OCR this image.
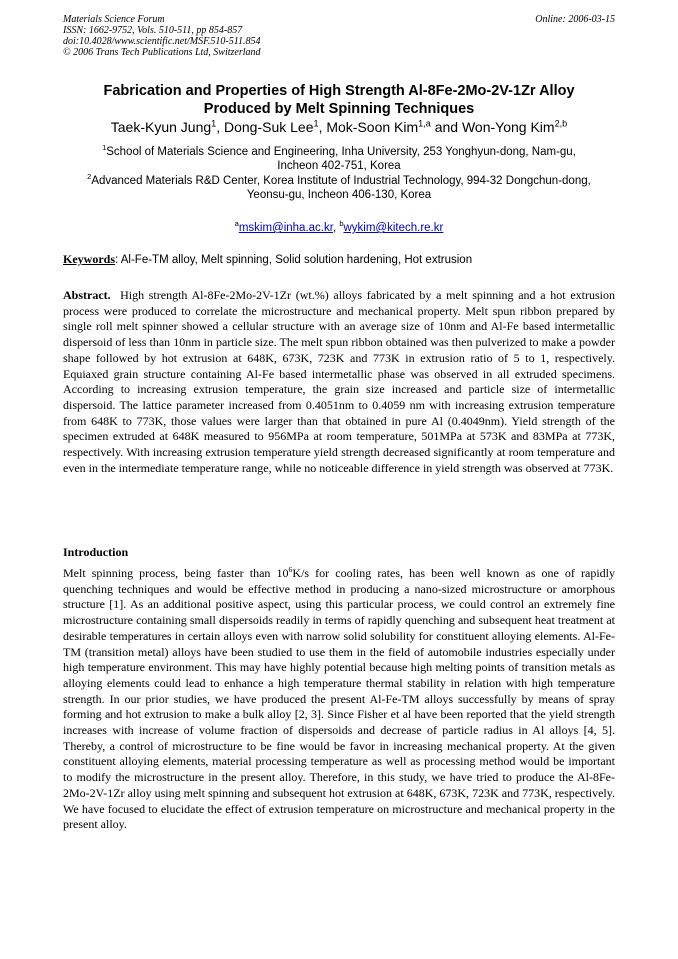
Materials Science Forum
ISSN: 1662-9752, Vols. 510-511, pp 854-857
doi:10.4028/www.scientific.net/MSF.510-511.854
© 2006 Trans Tech Publications Ltd, Switzerland
Online: 2006-03-15
Fabrication and Properties of High Strength Al-8Fe-2Mo-2V-1Zr Alloy
Produced by Melt Spinning Techniques
Taek-Kyun Jung$^1$, Dong-Suk Lee$^1$, Mok-Soon Kim$^{1,a}$ and Won-Yong Kim$^{2,b}$
$^1$School of Materials Science and Engineering, Inha University, 253 Yonghyun-dong, Nam-gu,
Incheon 402-751, Korea
$^2$Advanced Materials R&D Center, Korea Institute of Industrial Technology, 994-32 Dongchun-dong,
Yeonsu-gu, Incheon 406-130, Korea
$^a$mskim@inha.ac.kr, $^b$wykim@kitech.re.kr
Keywords: Al-Fe-TM alloy, Melt spinning, Solid solution hardening, Hot extrusion
Abstract. High strength Al-8Fe-2Mo-2V-1Zr (wt.%) alloys fabricated by a melt spinning and a hot extrusion process were produced to correlate the microstructure and mechanical property. Melt spun ribbon prepared by single roll melt spinner showed a cellular structure with an average size of 10nm and Al-Fe based intermetallic dispersoid of less than 10nm in particle size. The melt spun ribbon obtained was then pulverized to make a powder shape followed by hot extrusion at 648K, 673K, 723K and 773K in extrusion ratio of 5 to 1, respectively. Equiaxed grain structure containing Al-Fe based intermetallic phase was observed in all extruded specimens. According to increasing extrusion temperature, the grain size increased and particle size of intermetallic dispersoid. The lattice parameter increased from 0.4051nm to 0.4059 nm with increasing extrusion temperature from 648K to 773K, those values were larger than that obtained in pure Al (0.4049nm). Yield strength of the specimen extruded at 648K measured to 956MPa at room temperature, 501MPa at 573K and 83MPa at 773K, respectively. With increasing extrusion temperature yield strength decreased significantly at room temperature and even in the intermediate temperature range, while no noticeable difference in yield strength was observed at 773K.
Introduction
Melt spinning process, being faster than $10^6K/s$ for cooling rates, has been well known as one of rapidly quenching techniques and would be effective method in producing a nano-sized microstructure or amorphous structure [1]. As an additional positive aspect, using this particular process, we could control an extremely fine microstructure containing small dispersoids readily in terms of rapidly quenching and subsequent heat treatment at desirable temperatures in certain alloys even with narrow solid solubility for constituent alloying elements. Al-Fe-TM (transition metal) alloys have been studied to use them in the field of automobile industries especially under high temperature environment. This may have highly potential because high melting points of transition metals as alloying elements could lead to enhance a high temperature thermal stability in relation with high temperature strength. In our prior studies, we have produced the present Al-Fe-TM alloys successfully by means of spray forming and hot extrusion to make a bulk alloy [2, 3]. Since Fisher et al have been reported that the yield strength increases with increase of volume fraction of dispersoids and decrease of particle radius in Al alloys [4, 5]. Thereby, a control of microstructure to be fine would be favor in increasing mechanical property. At the given constituent alloying elements, material processing temperature as well as processing method would be important to modify the microstructure in the present alloy. Therefore, in this study, we have tried to produce the Al-8Fe-2Mo-2V-1Zr alloy using melt spinning and subsequent hot extrusion at 648K, 673K, 723K and 773K, respectively. We have focused to elucidate the effect of extrusion temperature on microstructure and mechanical property in the present alloy.
